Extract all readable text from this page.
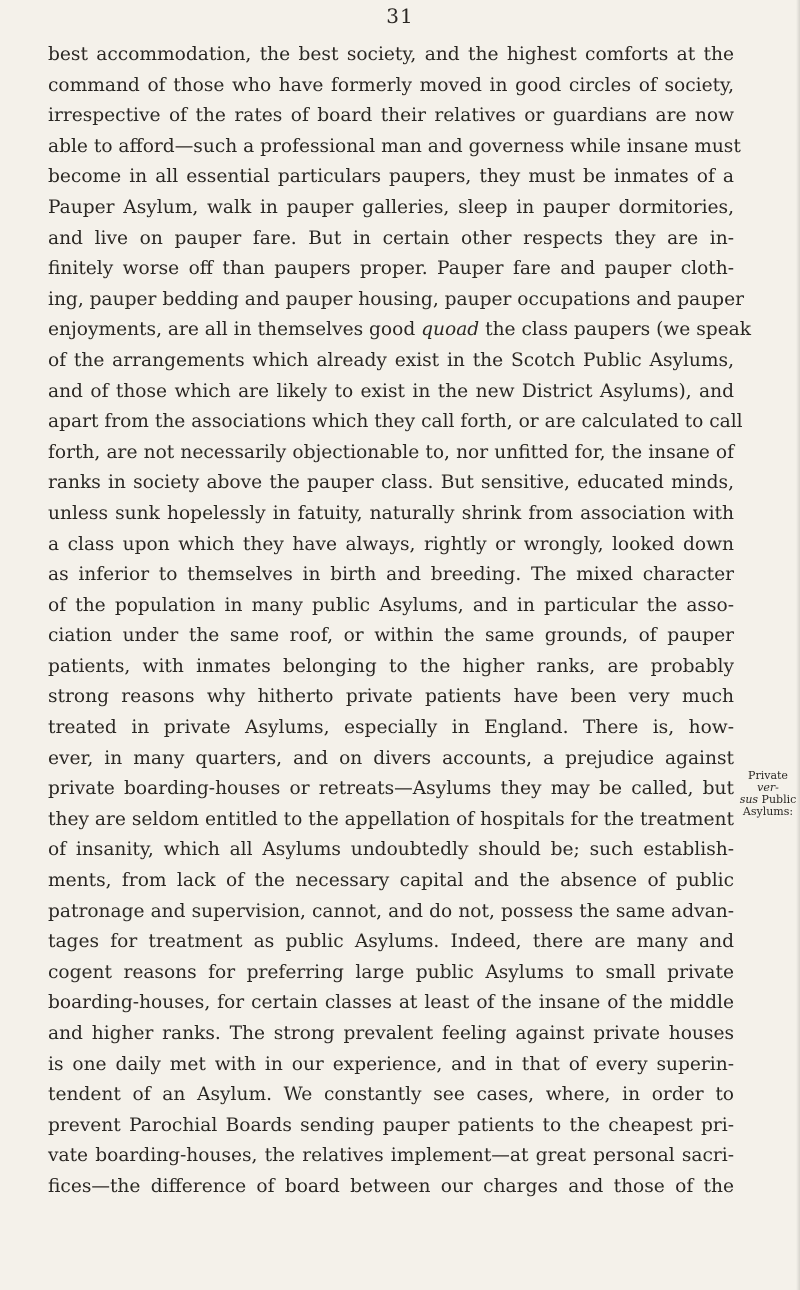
31
best accommodation, the best society, and the highest comforts at the
command of those who have formerly moved in good circles of society,
irrespective of the rates of board their relatives or guardians are now
able to afford—such a professional man and governess while insane must
become in all essential particulars paupers, they must be inmates of a
Pauper Asylum, walk in pauper galleries, sleep in pauper dormitories,
and live on pauper fare. But in certain other respects they are in-
finitely worse off than paupers proper. Pauper fare and pauper cloth-
ing, pauper bedding and pauper housing, pauper occupations and pauper
enjoyments, are all in themselves good quoad the class paupers (we speak
of the arrangements which already exist in the Scotch Public Asylums,
and of those which are likely to exist in the new District Asylums), and
apart from the associations which they call forth, or are calculated to call
forth, are not necessarily objectionable to, nor unfitted for, the insane of
ranks in society above the pauper class. But sensitive, educated minds,
unless sunk hopelessly in fatuity, naturally shrink from association with
a class upon which they have always, rightly or wrongly, looked down
as inferior to themselves in birth and breeding. The mixed character
of the population in many public Asylums, and in particular the asso-
ciation under the same roof, or within the same grounds, of pauper
patients, with inmates belonging to the higher ranks, are probably
strong reasons why hitherto private patients have been very much
treated in private Asylums, especially in England. There is, how-
ever, in many quarters, and on divers accounts, a prejudice against
private boarding-houses or retreats—Asylums they may be called, but
they are seldom entitled to the appellation of hospitals for the treatment
of insanity, which all Asylums undoubtedly should be; such establish-
ments, from lack of the necessary capital and the absence of public
patronage and supervision, cannot, and do not, possess the same advan-
tages for treatment as public Asylums. Indeed, there are many and
cogent reasons for preferring large public Asylums to small private
boarding-houses, for certain classes at least of the insane of the middle
and higher ranks. The strong prevalent feeling against private houses
is one daily met with in our experience, and in that of every superin-
tendent of an Asylum. We constantly see cases, where, in order to
prevent Parochial Boards sending pauper patients to the cheapest pri-
vate boarding-houses, the relatives implement—at great personal sacri-
fices—the difference of board between our charges and those of the
Private ver-
sus Public
Asylums:
